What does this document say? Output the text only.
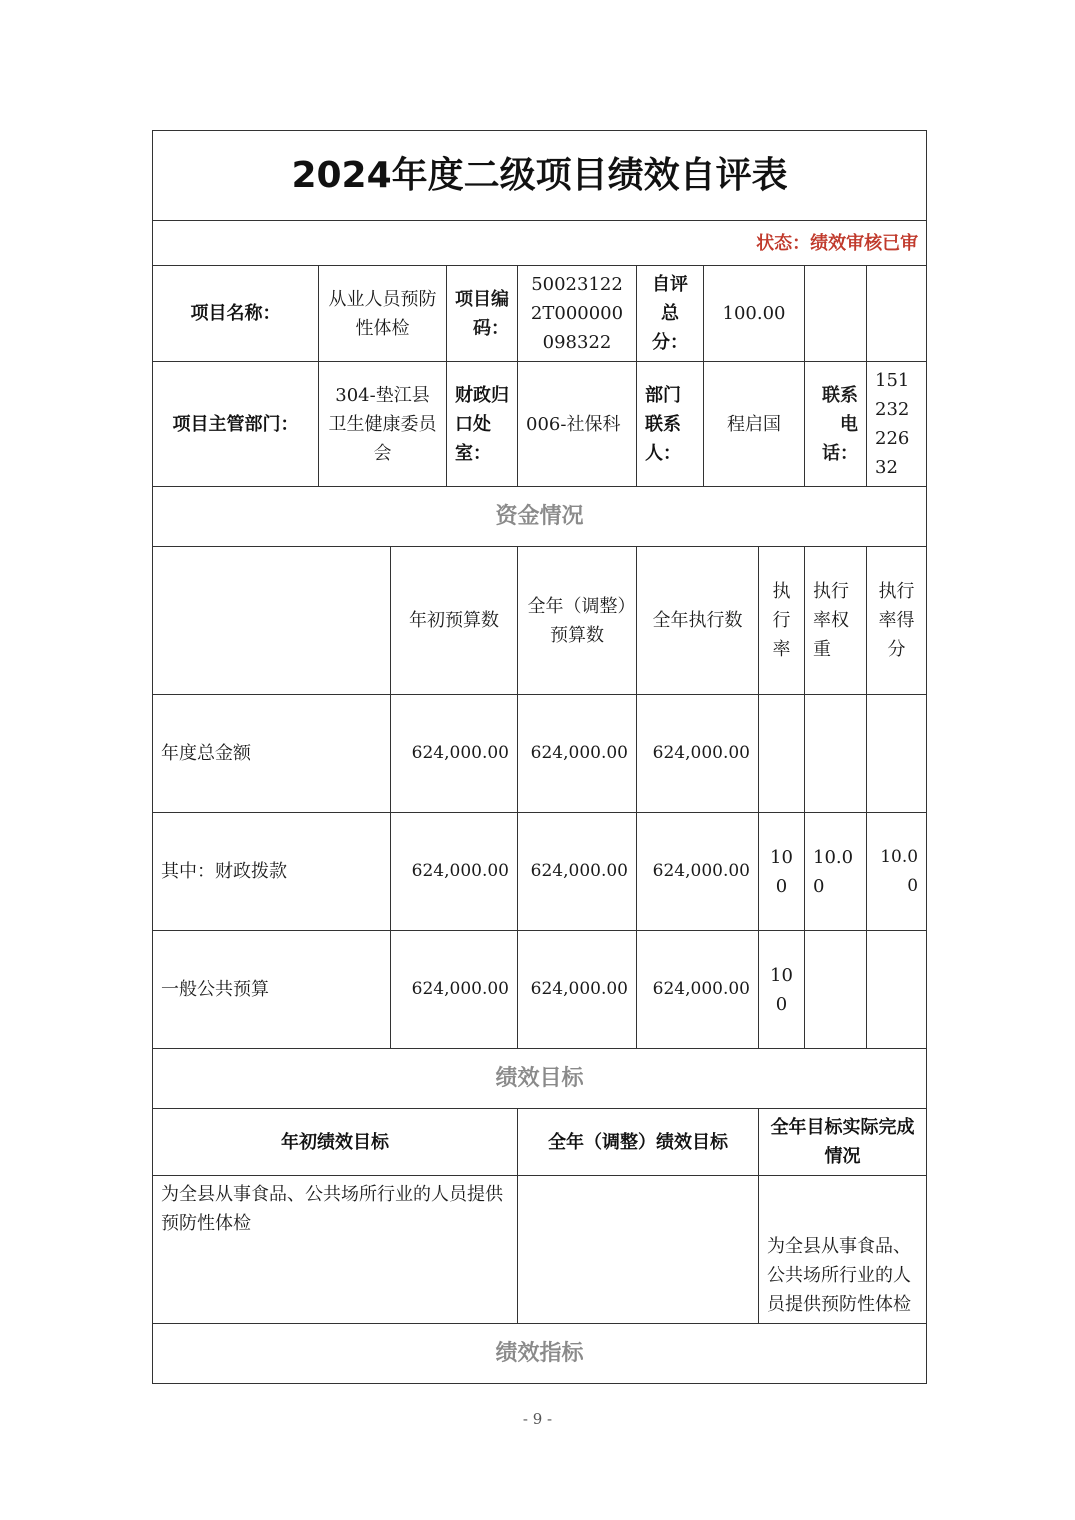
2024年度二级项目绩效自评表									
状态：绩效审核已审									
项目名称：	从业人员预防性体检		项目编码：	500231222T000000098322	自评总分：	100.00			
项目主管部门：	304-垫江县卫生健康委员会		财政归口处室：	006-社保科	部门联系人：	程启国		联系电话：	15123222632
资金情况									
		年初预算数		全年（调整）预算数	全年执行数		执行率	执行率权重	执行率得分
年度总金额		624,000.00		624,000.00	624,000.00				
其中：财政拨款		624,000.00		624,000.00	624,000.00		100	10.00	10.00
一般公共预算		624,000.00		624,000.00	624,000.00		100		
绩效目标									
年初绩效目标				全年（调整）绩效目标			全年目标实际完成情况		
为全县从事食品、公共场所行业的人员提供预防性体检							为全县从事食品、公共场所行业的人员提供预防性体检		
绩效指标									
- 9 -
